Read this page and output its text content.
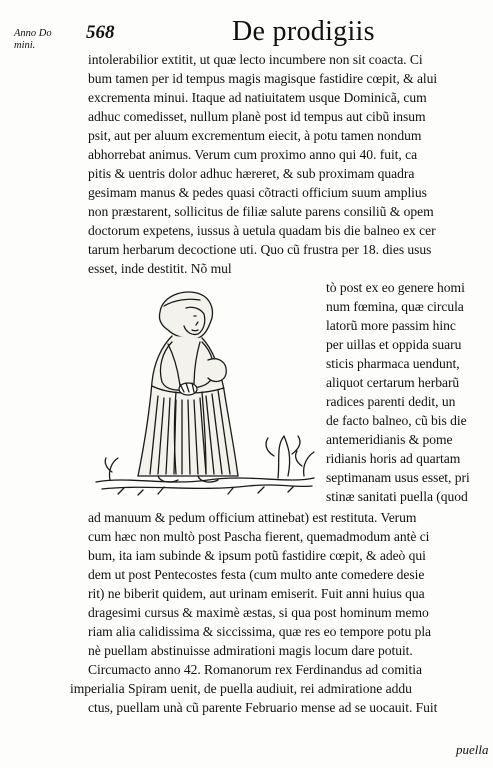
Anno Do
mini.
568	De prodigiis
intolerabilior extitit, ut quæ lecto incumbere non sit coacta. Ci
bum tamen per id tempus magis magisque fastidire cœpit, & alui
excrementa minui. Itaque ad natiuitatem usque Dominicã, cum
adhuc comedisset, nullum planè post id tempus aut cibũ insum
psit, aut per aluum excrementum eiecit, à potu tamen nondum
abhorrebat animus. Verum cum proximo anno qui 40. fuit, ca
pitis & uentris dolor adhuc hæreret, & sub proximam quadra
gesimam manus & pedes quasi cõtracti officium suum amplius
non præstarent, sollicitus de filiæ salute parens consiliũ & opem
doctorum expetens, iussus à uetula quadam bis die balneo ex cer
tarum herbarum decoctione uti. Quo cũ frustra per 18. dies usus
esset, inde destitit. Nõ mul
tò post ex eo genere homi
num fœmina, quæ circula
latorũ more passim hinc
per uillas et oppida suaru
sticis pharmaca uendunt,
aliquot certarum herbarũ
radices parenti dedit, un
de facto balneo, cũ bis die
antemeridianis & pome
ridianis horis ad quartam
septimanam usus esset, pri
stinæ sanitati puella (quod
ad manuum & pedum officium attinebat) est restituta. Verum
cum hæc non multò post Pascha fierent, quemadmodum antè ci
bum, ita iam subinde & ipsum potũ fastidire cœpit, & adeò qui
dem ut post Pentecostes festa (cum multo ante comedere desie
rit) ne biberit quidem, aut urinam emiserit. Fuit anni huius qua
dragesimi cursus & maximè æstas, si qua post hominum memo
riam alia calidissima & siccissima, quæ res eo tempore potu pla
nè puellam abstinuisse admirationi magis locum dare potuit.
Circumacto anno 42. Romanorum rex Ferdinandus ad comitia
imperialia Spiram uenit, de puella audiuit, rei admiratione addu
ctus, puellam unà cũ parente Februario mense ad se uocauit. Fuit
puella
